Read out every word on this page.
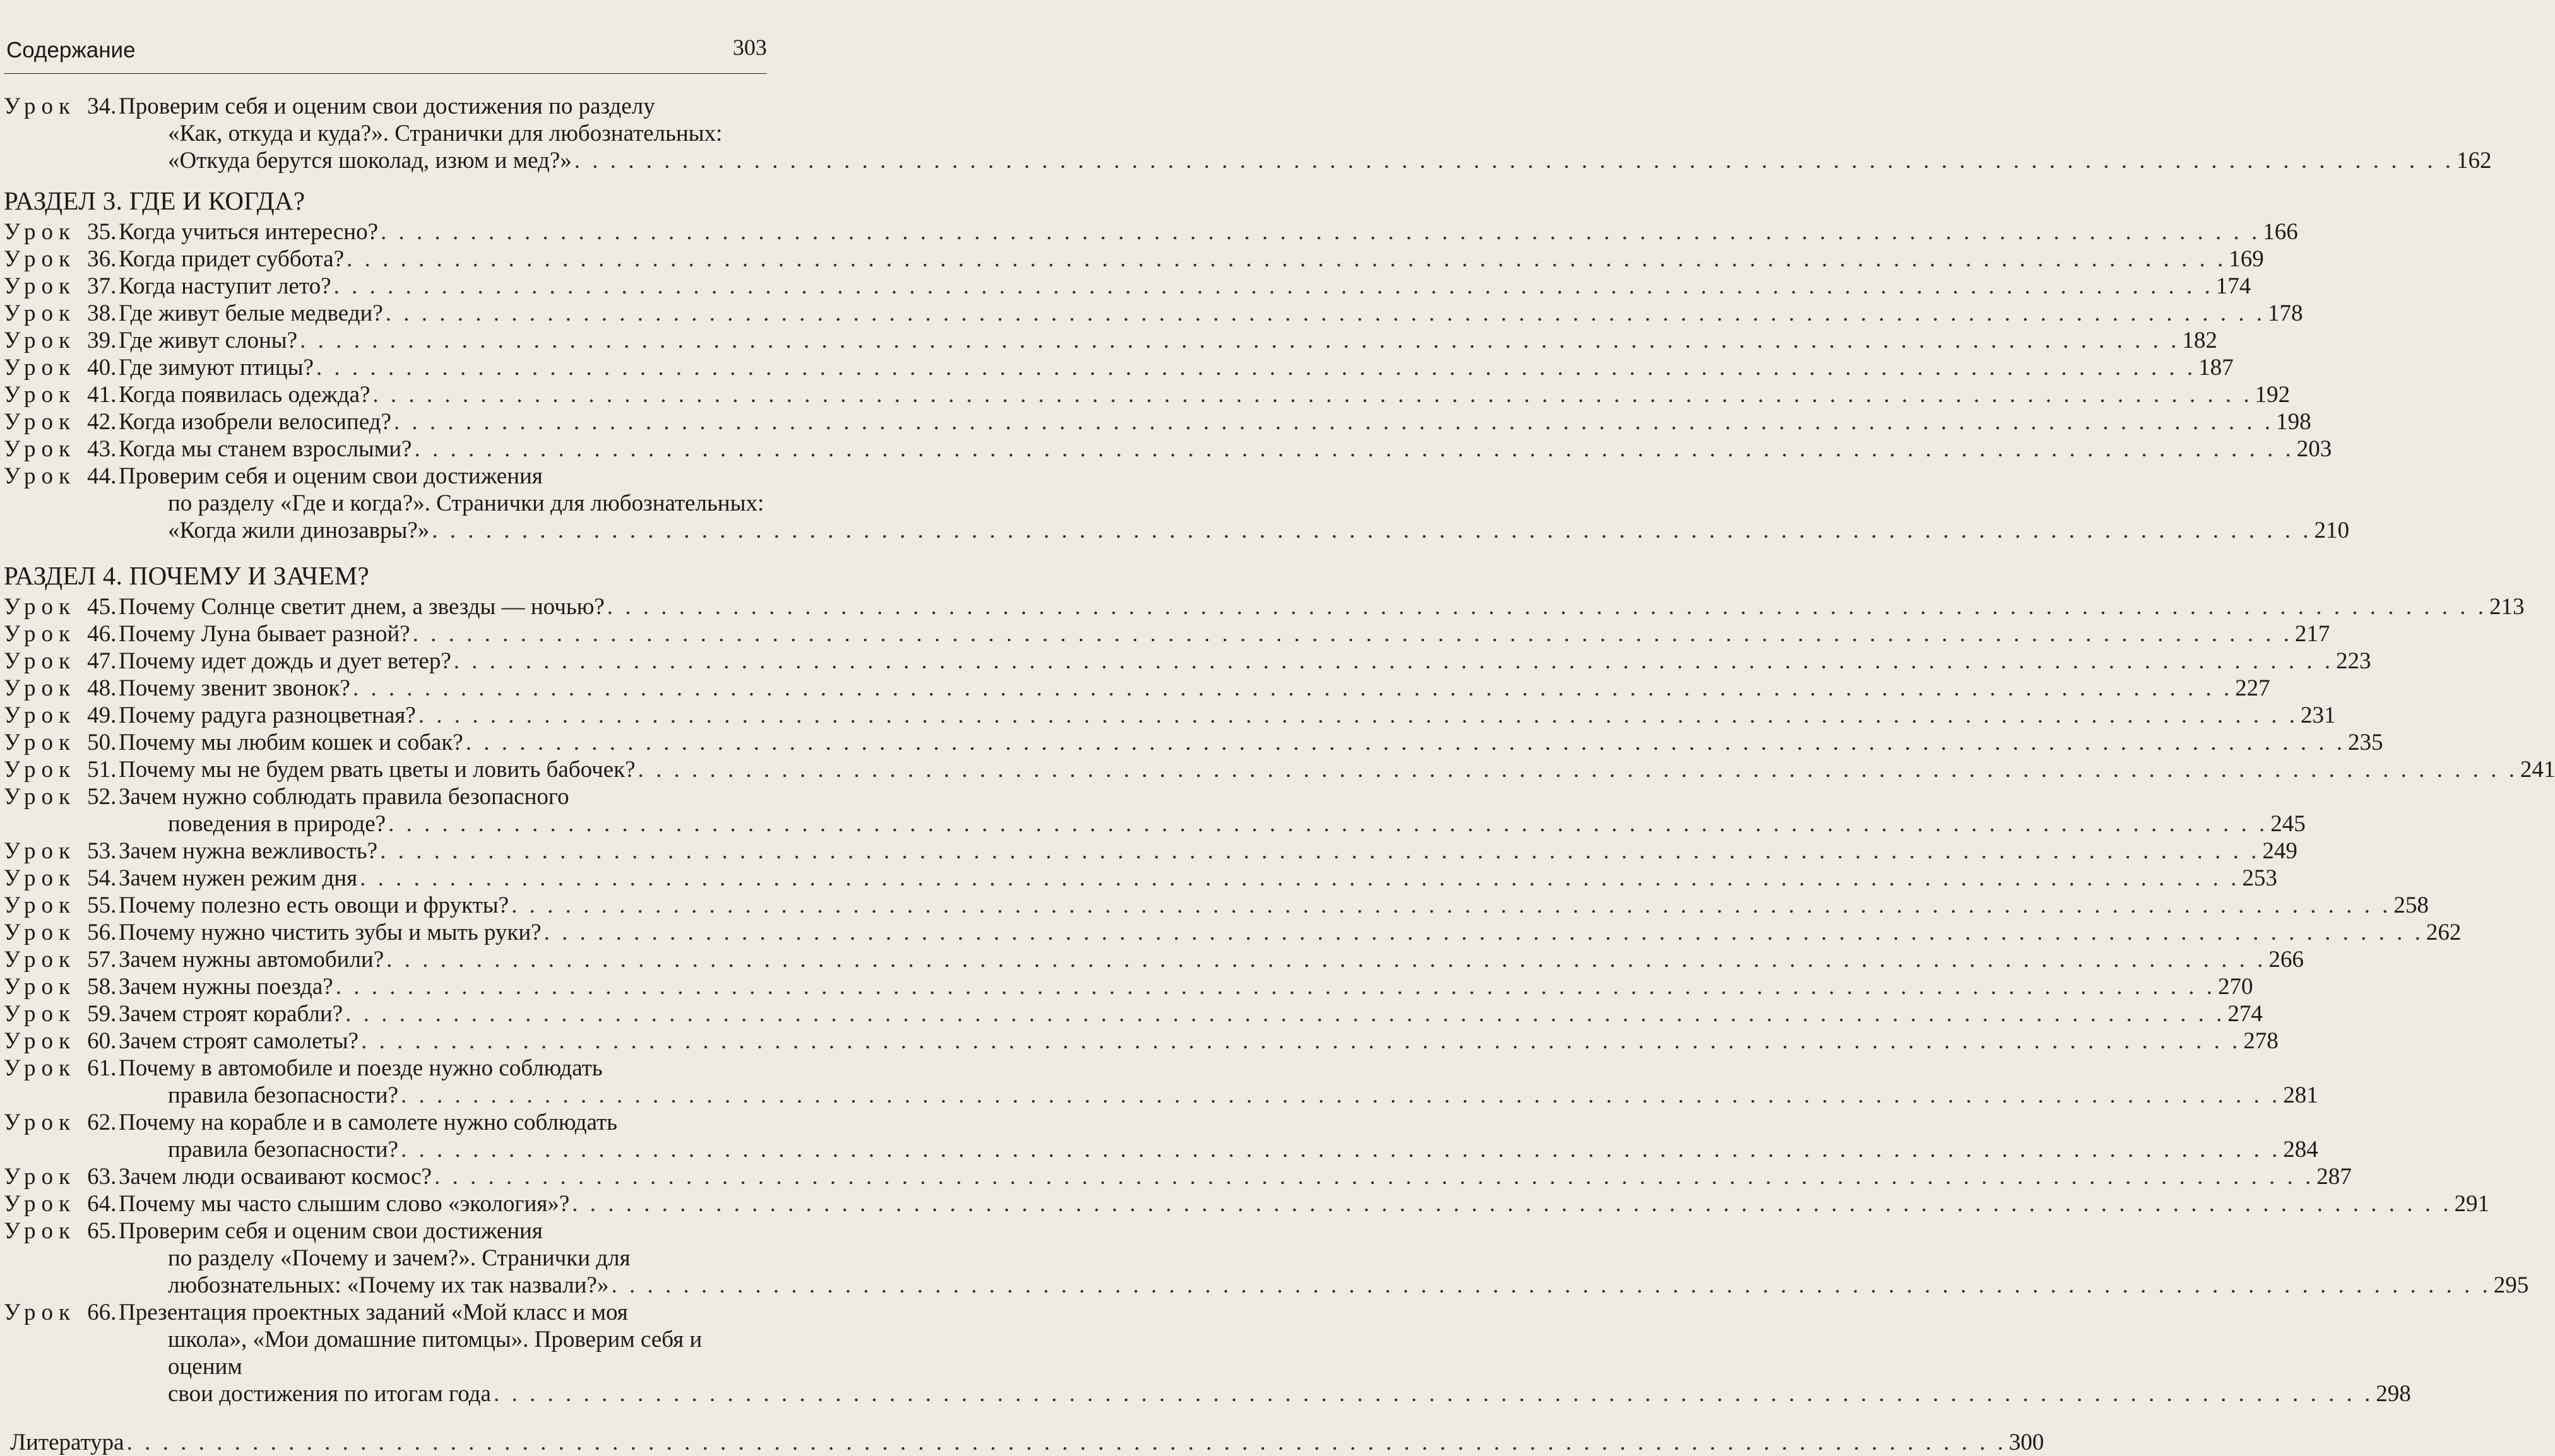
Содержание	303
Урок 34. Проверим себя и оценим свои достижения по разделу
«Как, откуда и куда?». Странички для любознательных:
«Откуда берутся шоколад, изюм и мед?» . . . . . . . . . . . . . . . . . . . . . . . . . . . . . . . . . . . . . . . . . . . . . . . . . . . . . . . . . . . . . . . . . . . . . . . . . . . . . . . . . . . . . . . . . . . . . . . . . . . . . . . . . 162
РАЗДЕЛ 3. ГДЕ И КОГДА?
Урок 35. Когда учиться интересно? . . . . . . . . . . . . . . . . . . . . . . . . . . . . . . . . . . . . . . . . . . . . . . . . . . . . . . . . . . . . . . . . . . . . . . . . . . . . . . . . . . . . . . . . . . . . . . . . . . . . . . . . . 166
Урок 36. Когда придет суббота? . . . . . . . . . . . . . . . . . . . . . . . . . . . . . . . . . . . . . . . . . . . . . . . . . . . . . . . . . . . . . . . . . . . . . . . . . . . . . . . . . . . . . . . . . . . . . . . . . . . . . . . . . 169
Урок 37. Когда наступит лето? . . . . . . . . . . . . . . . . . . . . . . . . . . . . . . . . . . . . . . . . . . . . . . . . . . . . . . . . . . . . . . . . . . . . . . . . . . . . . . . . . . . . . . . . . . . . . . . . . . . . . . . . . 174
Урок 38. Где живут белые медведи? . . . . . . . . . . . . . . . . . . . . . . . . . . . . . . . . . . . . . . . . . . . . . . . . . . . . . . . . . . . . . . . . . . . . . . . . . . . . . . . . . . . . . . . . . . . . . . . . . . . . . . . . . 178
Урок 39. Где живут слоны? . . . . . . . . . . . . . . . . . . . . . . . . . . . . . . . . . . . . . . . . . . . . . . . . . . . . . . . . . . . . . . . . . . . . . . . . . . . . . . . . . . . . . . . . . . . . . . . . . . . . . . . . . 182
Урок 40. Где зимуют птицы? . . . . . . . . . . . . . . . . . . . . . . . . . . . . . . . . . . . . . . . . . . . . . . . . . . . . . . . . . . . . . . . . . . . . . . . . . . . . . . . . . . . . . . . . . . . . . . . . . . . . . . . . . 187
Урок 41. Когда появилась одежда? . . . . . . . . . . . . . . . . . . . . . . . . . . . . . . . . . . . . . . . . . . . . . . . . . . . . . . . . . . . . . . . . . . . . . . . . . . . . . . . . . . . . . . . . . . . . . . . . . . . . . . . . . 192
Урок 42. Когда изобрели велосипед? . . . . . . . . . . . . . . . . . . . . . . . . . . . . . . . . . . . . . . . . . . . . . . . . . . . . . . . . . . . . . . . . . . . . . . . . . . . . . . . . . . . . . . . . . . . . . . . . . . . . . . . . . 198
Урок 43. Когда мы станем взрослыми? . . . . . . . . . . . . . . . . . . . . . . . . . . . . . . . . . . . . . . . . . . . . . . . . . . . . . . . . . . . . . . . . . . . . . . . . . . . . . . . . . . . . . . . . . . . . . . . . . . . . . . . . . 203
Урок 44. Проверим себя и оценим свои достижения
по разделу «Где и когда?». Странички для любознательных:
«Когда жили динозавры?» . . . . . . . . . . . . . . . . . . . . . . . . . . . . . . . . . . . . . . . . . . . . . . . . . . . . . . . . . . . . . . . . . . . . . . . . . . . . . . . . . . . . . . . . . . . . . . . . . . . . . . . . . 210
РАЗДЕЛ 4. ПОЧЕМУ И ЗАЧЕМ?
Урок 45. Почему Солнце светит днем, а звезды — ночью? . . . . . . . . . . . . . . . . . . . . . . . . . . . . . . . . . . . . . . . . . . . . . . . . . . . . . . . . . . . . . . . . . . . . . . . . . . . . . . . . . . . . . . . . . . . . . . . . . . . . . . . . . 213
Урок 46. Почему Луна бывает разной? . . . . . . . . . . . . . . . . . . . . . . . . . . . . . . . . . . . . . . . . . . . . . . . . . . . . . . . . . . . . . . . . . . . . . . . . . . . . . . . . . . . . . . . . . . . . . . . . . . . . . . . . . 217
Урок 47. Почему идет дождь и дует ветер? . . . . . . . . . . . . . . . . . . . . . . . . . . . . . . . . . . . . . . . . . . . . . . . . . . . . . . . . . . . . . . . . . . . . . . . . . . . . . . . . . . . . . . . . . . . . . . . . . . . . . . . . . 223
Урок 48. Почему звенит звонок? . . . . . . . . . . . . . . . . . . . . . . . . . . . . . . . . . . . . . . . . . . . . . . . . . . . . . . . . . . . . . . . . . . . . . . . . . . . . . . . . . . . . . . . . . . . . . . . . . . . . . . . . . 227
Урок 49. Почему радуга разноцветная? . . . . . . . . . . . . . . . . . . . . . . . . . . . . . . . . . . . . . . . . . . . . . . . . . . . . . . . . . . . . . . . . . . . . . . . . . . . . . . . . . . . . . . . . . . . . . . . . . . . . . . . . . 231
Урок 50. Почему мы любим кошек и собак? . . . . . . . . . . . . . . . . . . . . . . . . . . . . . . . . . . . . . . . . . . . . . . . . . . . . . . . . . . . . . . . . . . . . . . . . . . . . . . . . . . . . . . . . . . . . . . . . . . . . . . . . . 235
Урок 51. Почему мы не будем рвать цветы и ловить бабочек? . . . . . . . . . . . . . . . . . . . . . . . . . . . . . . . . . . . . . . . . . . . . . . . . . . . . . . . . . . . . . . . . . . . . . . . . . . . . . . . . . . . . . . . . . . . . . . . . . . . . . . . . . 241
Урок 52. Зачем нужно соблюдать правила безопасного
поведения в природе? . . . . . . . . . . . . . . . . . . . . . . . . . . . . . . . . . . . . . . . . . . . . . . . . . . . . . . . . . . . . . . . . . . . . . . . . . . . . . . . . . . . . . . . . . . . . . . . . . . . . . . . . . 245
Урок 53. Зачем нужна вежливость? . . . . . . . . . . . . . . . . . . . . . . . . . . . . . . . . . . . . . . . . . . . . . . . . . . . . . . . . . . . . . . . . . . . . . . . . . . . . . . . . . . . . . . . . . . . . . . . . . . . . . . . . . 249
Урок 54. Зачем нужен режим дня . . . . . . . . . . . . . . . . . . . . . . . . . . . . . . . . . . . . . . . . . . . . . . . . . . . . . . . . . . . . . . . . . . . . . . . . . . . . . . . . . . . . . . . . . . . . . . . . . . . . . . . . . 253
Урок 55. Почему полезно есть овощи и фрукты? . . . . . . . . . . . . . . . . . . . . . . . . . . . . . . . . . . . . . . . . . . . . . . . . . . . . . . . . . . . . . . . . . . . . . . . . . . . . . . . . . . . . . . . . . . . . . . . . . . . . . . . . . 258
Урок 56. Почему нужно чистить зубы и мыть руки? . . . . . . . . . . . . . . . . . . . . . . . . . . . . . . . . . . . . . . . . . . . . . . . . . . . . . . . . . . . . . . . . . . . . . . . . . . . . . . . . . . . . . . . . . . . . . . . . . . . . . . . . . 262
Урок 57. Зачем нужны автомобили? . . . . . . . . . . . . . . . . . . . . . . . . . . . . . . . . . . . . . . . . . . . . . . . . . . . . . . . . . . . . . . . . . . . . . . . . . . . . . . . . . . . . . . . . . . . . . . . . . . . . . . . . . 266
Урок 58. Зачем нужны поезда? . . . . . . . . . . . . . . . . . . . . . . . . . . . . . . . . . . . . . . . . . . . . . . . . . . . . . . . . . . . . . . . . . . . . . . . . . . . . . . . . . . . . . . . . . . . . . . . . . . . . . . . . . 270
Урок 59. Зачем строят корабли? . . . . . . . . . . . . . . . . . . . . . . . . . . . . . . . . . . . . . . . . . . . . . . . . . . . . . . . . . . . . . . . . . . . . . . . . . . . . . . . . . . . . . . . . . . . . . . . . . . . . . . . . . 274
Урок 60. Зачем строят самолеты? . . . . . . . . . . . . . . . . . . . . . . . . . . . . . . . . . . . . . . . . . . . . . . . . . . . . . . . . . . . . . . . . . . . . . . . . . . . . . . . . . . . . . . . . . . . . . . . . . . . . . . . . . 278
Урок 61. Почему в автомобиле и поезде нужно соблюдать
правила безопасности? . . . . . . . . . . . . . . . . . . . . . . . . . . . . . . . . . . . . . . . . . . . . . . . . . . . . . . . . . . . . . . . . . . . . . . . . . . . . . . . . . . . . . . . . . . . . . . . . . . . . . . . . . 281
Урок 62. Почему на корабле и в самолете нужно соблюдать
правила безопасности? . . . . . . . . . . . . . . . . . . . . . . . . . . . . . . . . . . . . . . . . . . . . . . . . . . . . . . . . . . . . . . . . . . . . . . . . . . . . . . . . . . . . . . . . . . . . . . . . . . . . . . . . . 284
Урок 63. Зачем люди осваивают космос? . . . . . . . . . . . . . . . . . . . . . . . . . . . . . . . . . . . . . . . . . . . . . . . . . . . . . . . . . . . . . . . . . . . . . . . . . . . . . . . . . . . . . . . . . . . . . . . . . . . . . . . . . 287
Урок 64. Почему мы часто слышим слово «экология»? . . . . . . . . . . . . . . . . . . . . . . . . . . . . . . . . . . . . . . . . . . . . . . . . . . . . . . . . . . . . . . . . . . . . . . . . . . . . . . . . . . . . . . . . . . . . . . . . . . . . . . . . . 291
Урок 65. Проверим себя и оценим свои достижения
по разделу «Почему и зачем?». Странички для
любознательных: «Почему их так назвали?» . . . . . . . . . . . . . . . . . . . . . . . . . . . . . . . . . . . . . . . . . . . . . . . . . . . . . . . . . . . . . . . . . . . . . . . . . . . . . . . . . . . . . . . . . . . . . . . . . . . . . . . . . 295
Урок 66. Презентация проектных заданий «Мой класс и моя
школа», «Мои домашние питомцы». Проверим себя и оценим
свои достижения по итогам года . . . . . . . . . . . . . . . . . . . . . . . . . . . . . . . . . . . . . . . . . . . . . . . . . . . . . . . . . . . . . . . . . . . . . . . . . . . . . . . . . . . . . . . . . . . . . . . . . . . . . . . . . 298
Литература . . . . . . . . . . . . . . . . . . . . . . . . . . . . . . . . . . . . . . . . . . . . . . . . . . . . . . . . . . . . . . . . . . . . . . . . . . . . . . . . . . . . . . . . . . . . . . . . . . . . . . . . . 300
